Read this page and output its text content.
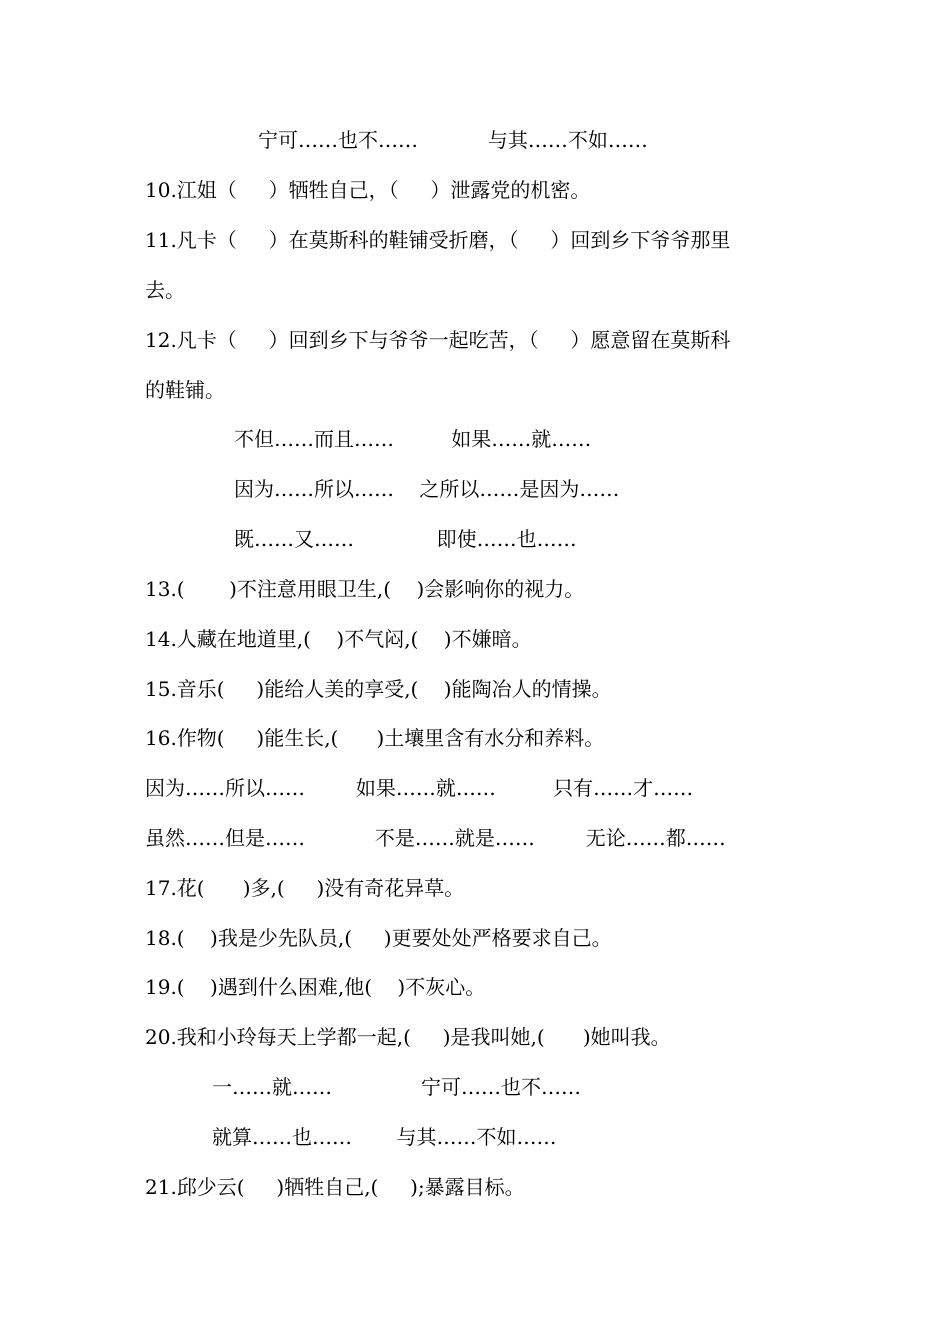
宁可……也不……           与其……不如……
10.江姐（     ）牺牲自己，（     ）泄露党的机密。
11.凡卡（     ）在莫斯科的鞋铺受折磨，（     ）回到乡下爷爷那里
去。
12.凡卡（     ）回到乡下与爷爷一起吃苦，（     ）愿意留在莫斯科
的鞋铺。
不但……而且……         如果……就……
因为……所以……    之所以……是因为……
既……又……             即使……也……
13.(       )不注意用眼卫生,(    )会影响你的视力。
14.人藏在地道里,(    )不气闷,(    )不嫌暗。
15.音乐(     )能给人美的享受,(    )能陶冶人的情操。
16.作物(     )能生长,(      )土壤里含有水分和养料。
因为……所以……        如果……就……         只有……才……
虽然……但是……           不是……就是……        无论……都……
17.花(      )多,(     )没有奇花异草。
18.(    )我是少先队员,(     )更要处处严格要求自己。
19.(    )遇到什么困难,他(    )不灰心。
20.我和小玲每天上学都一起,(     )是我叫她,(      )她叫我。
一……就……              宁可……也不……
就算……也……       与其……不如……
21.邱少云(     )牺牲自己,(     );暴露目标。
